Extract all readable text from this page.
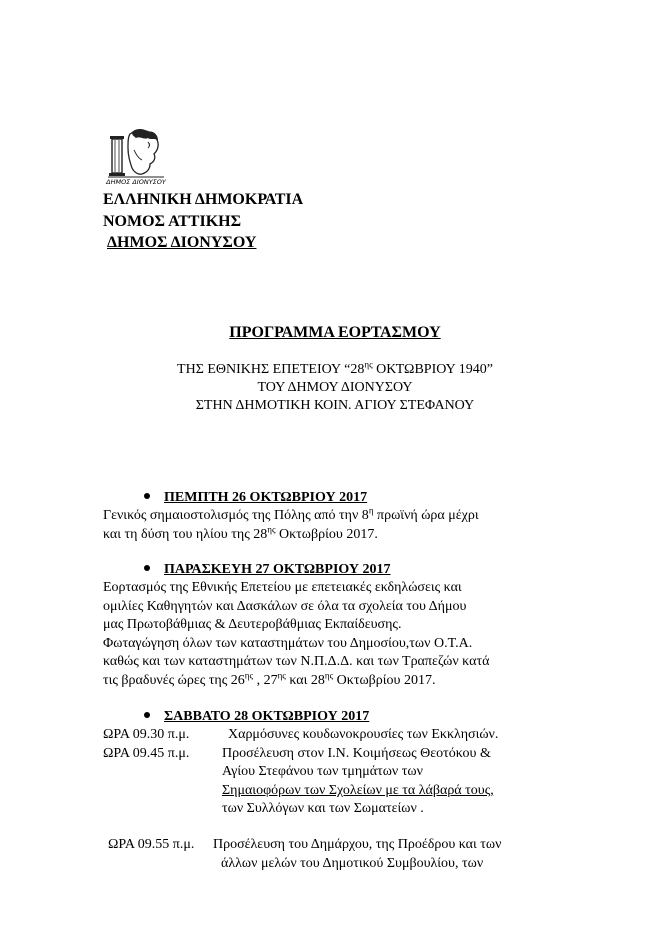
ΔΗΜΟΣ ΔΙΟΝΥΣΟΥ
ΕΛΛΗΝΙΚΗ ΔΗΜΟΚΡΑΤΙΑ
ΝΟΜΟΣ ΑΤΤΙΚΗΣ
ΔΗΜΟΣ ΔΙΟΝΥΣΟΥ
ΠΡΟΓΡΑΜΜΑ ΕΟΡΤΑΣΜΟΥ
ΤΗΣ ΕΘΝΙΚΗΣ ΕΠΕΤΕΙΟΥ “$28^{\eta\varsigma}$ ΟΚΤΩΒΡΙΟΥ 1940”
ΤΟΥ ΔΗΜΟΥ ΔΙΟΝΥΣΟΥ
ΣΤΗΝ ΔΗΜΟΤΙΚΗ ΚΟΙΝ. ΑΓΙΟΥ ΣΤΕΦΑΝΟΥ
ΠΕΜΠΤΗ 26 ΟΚΤΩΒΡΙΟΥ 2017
Γενικός σημαιοστολισμός της Πόλης από την $8^\eta$ πρωϊνή ώρα μέχρι
και τη δύση του ηλίου της $28^{\eta\varsigma}$ Οκτωβρίου 2017.
ΠΑΡΑΣΚΕΥΗ 27 ΟΚΤΩΒΡΙΟΥ 2017
Εορτασμός της Εθνικής Επετείου με επετειακές εκδηλώσεις και
ομιλίες Καθηγητών και Δασκάλων σε όλα τα σχολεία του Δήμου
μας Πρωτοβάθμιας & Δευτεροβάθμιας Εκπαίδευσης.
Φωταγώγηση όλων των καταστημάτων του Δημοσίου,των Ο.Τ.Α.
καθώς και των καταστημάτων των Ν.Π.Δ.Δ. και των Τραπεζών κατά
τις βραδυνές ώρες της $26^{\eta\varsigma}$ , $27^{\eta\varsigma}$ και $28^{\eta\varsigma}$ Οκτωβρίου 2017.
ΣΑΒΒΑΤΟ 28 ΟΚΤΩΒΡΙΟΥ 2017
ΩΡΑ 09.30 π.μ.	Χαρμόσυνες κουδωνοκρουσίες των Εκκλησιών.
ΩΡΑ 09.45 π.μ. Προσέλευση στον Ι.Ν. Κοιμήσεως Θεοτόκου &
Αγίου Στεφάνου των τμημάτων των
Σημαιοφόρων των Σχολείων με τα λάβαρά τους,
των Συλλόγων και των Σωματείων .
ΩΡΑ 09.55 π.μ. Προσέλευση του Δημάρχου, της Προέδρου και των
άλλων μελών του Δημοτικού Συμβουλίου, των
